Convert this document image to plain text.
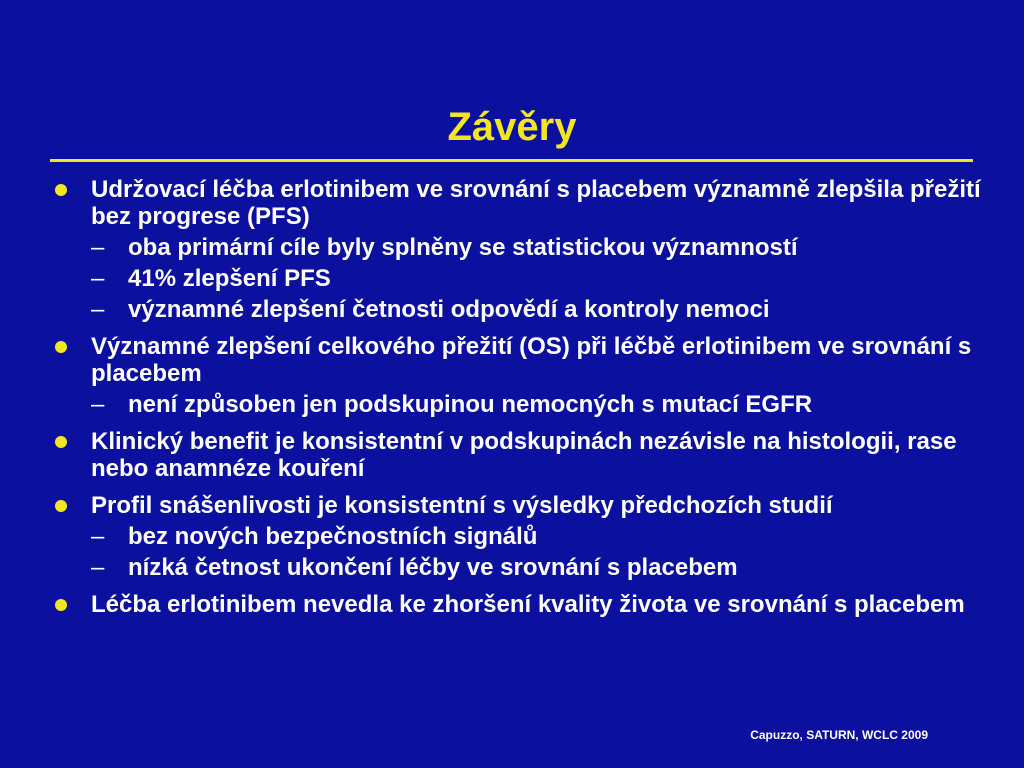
Závěry
Udržovací léčba erlotinibem ve srovnání s placebem významně zlepšila přežití bez progrese (PFS)
– oba primární cíle byly splněny se statistickou významností
– 41% zlepšení PFS
– významné zlepšení četnosti odpovědí a kontroly nemoci
Významné zlepšení celkového přežití (OS) při léčbě erlotinibem ve srovnání s placebem
– není způsoben jen podskupinou nemocných s mutací EGFR
Klinický benefit je konsistentní v podskupinách nezávisle na histologii, rase nebo anamnéze kouření
Profil snášenlivosti je konsistentní s výsledky předchozích studií
– bez nových bezpečnostních signálů
– nízká četnost ukončení léčby ve srovnání s placebem
Léčba erlotinibem nevedla ke zhoršení kvality života ve srovnání s placebem
Capuzzo, SATURN, WCLC 2009
